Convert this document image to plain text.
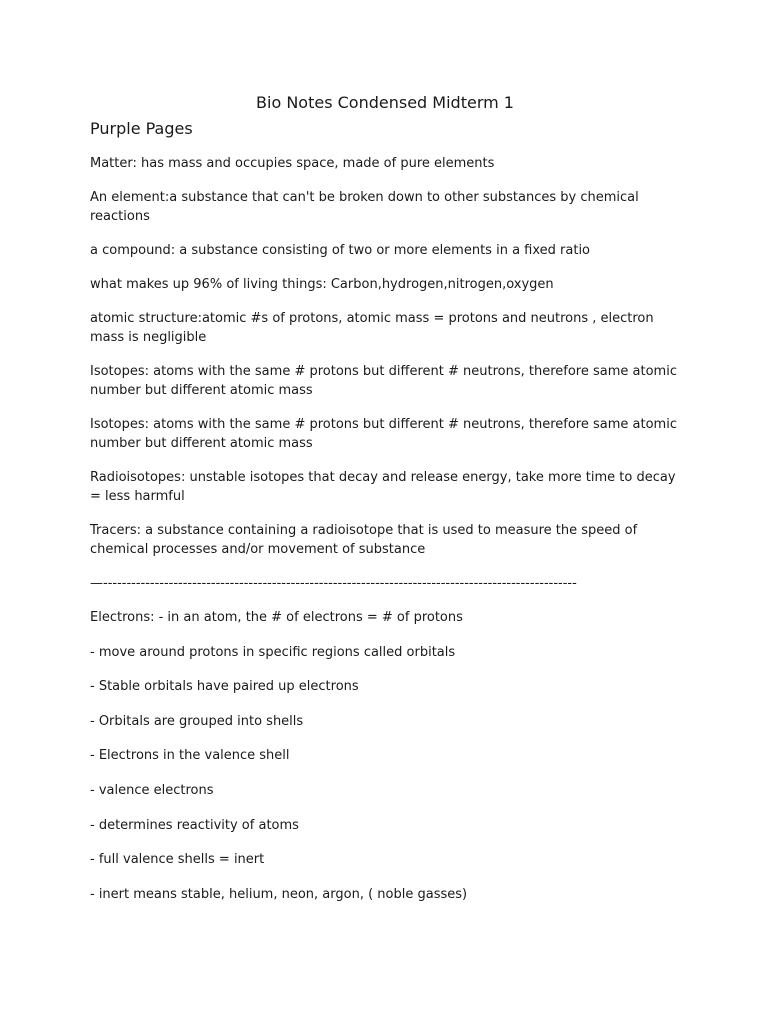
Bio Notes Condensed Midterm 1
Purple Pages

Matter: has mass and occupies space, made of pure elements

An element:a substance that can't be broken down to other substances by chemical reactions

a compound: a substance consisting of two or more elements in a fixed ratio

what makes up 96% of living things: Carbon,hydrogen,nitrogen,oxygen

atomic structure:atomic #s of protons, atomic mass = protons and neutrons , electron mass is negligible

Isotopes: atoms with the same # protons but different # neutrons, therefore same atomic number but different atomic mass

Isotopes: atoms with the same # protons but different # neutrons, therefore same atomic number but different atomic mass

Radioisotopes: unstable isotopes that decay and release energy, take more time to decay = less harmful

Tracers: a substance containing a radioisotope that is used to measure the speed of chemical processes and/or movement of substance

—-----------------------------------------------------------------------------------------------------

Electrons: - in an atom, the # of electrons = # of protons

- move around protons in specific regions called orbitals

- Stable orbitals have paired up electrons

- Orbitals are grouped into shells

- Electrons in the valence shell

- valence electrons

- determines reactivity of atoms

- full valence shells = inert

- inert means stable, helium, neon, argon, ( noble gasses)
